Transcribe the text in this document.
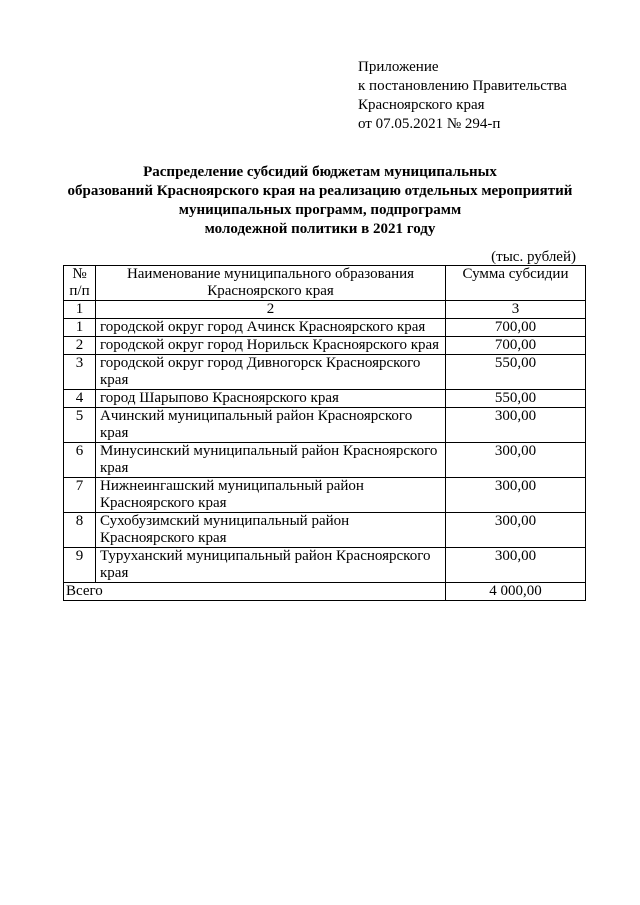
Приложение
к постановлению Правительства
Красноярского края
от 07.05.2021 № 294-п
Распределение субсидий бюджетам муниципальных
образований Красноярского края на реализацию отдельных мероприятий
муниципальных программ, подпрограмм
молодежной политики в 2021 году
(тыс. рублей)
№ п/п	Наименование муниципального образования Красноярского края	Сумма субсидии
1	2	3
1	городской округ город Ачинск Красноярского края	700,00
2	городской округ город Норильск Красноярского края	700,00
3	городской округ город Дивногорск Красноярского края	550,00
4	город Шарыпово Красноярского края	550,00
5	Ачинский муниципальный район Красноярского края	300,00
6	Минусинский муниципальный район Красноярского края	300,00
7	Нижнеингашский муниципальный район Красноярского края	300,00
8	Сухобузимский муниципальный район Красноярского края	300,00
9	Туруханский муниципальный район Красноярского края	300,00
Всего		4 000,00
